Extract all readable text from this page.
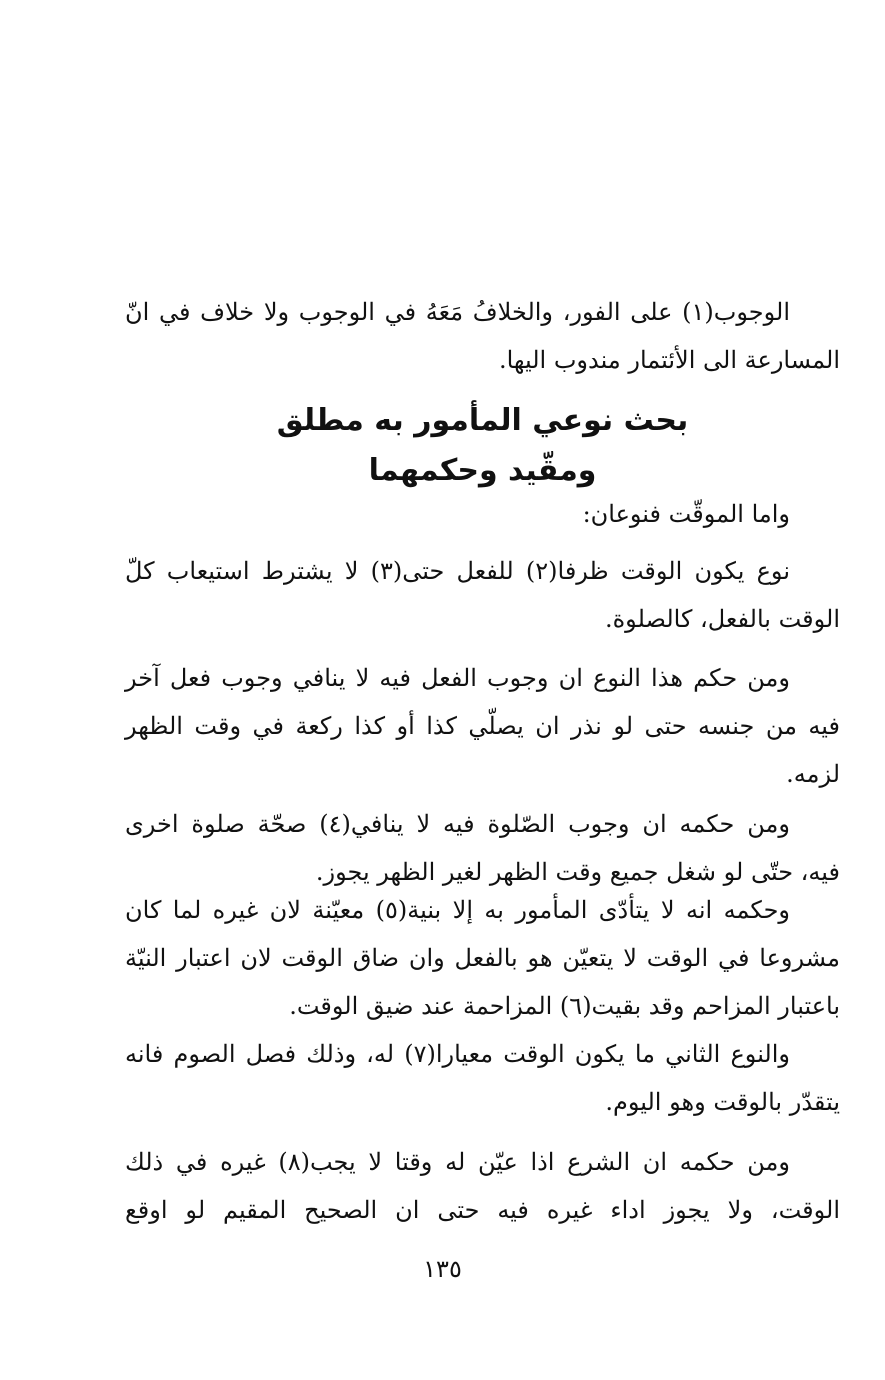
الوجوب(١) على الفور، والخلافُ مَعَهُ في الوجوب ولا خلاف في انّ
المسارعة الى الأئتمار مندوب اليها.
بحث نوعي المأمور به مطلق
ومقّيد وحكمهما
واما الموقّت فنوعان:
نوع يكون الوقت ظرفا(٢) للفعل حتى(٣) لا يشترط استيعاب كلّ
الوقت بالفعل، كالصلوة.
ومن حكم هذا النوع ان وجوب الفعل فيه لا ينافي وجوب فعل آخر
فيه من جنسه حتى لو نذر ان يصلّي كذا أو كذا ركعة في وقت الظهر
لزمه.
ومن حكمه ان وجوب الصّلوة فيه لا ينافي(٤) صحّة صلوة اخرى
فيه، حتّى لو شغل جميع وقت الظهر لغير الظهر يجوز.
وحكمه انه لا يتأدّى المأمور به إلا بنية(٥) معيّنة لان غيره لما كان
مشروعا في الوقت لا يتعيّن هو بالفعل وان ضاق الوقت لان اعتبار النيّة
باعتبار المزاحم وقد بقيت(٦) المزاحمة عند ضيق الوقت.
والنوع الثاني ما يكون الوقت معيارا(٧) له، وذلك فصل الصوم فانه
يتقدّر بالوقت وهو اليوم.
ومن حكمه ان الشرع اذا عيّن له وقتا لا يجب(٨) غيره في ذلك
الوقت، ولا يجوز اداء غيره فيه حتى ان الصحيح المقيم لو اوقع
١٣٥
